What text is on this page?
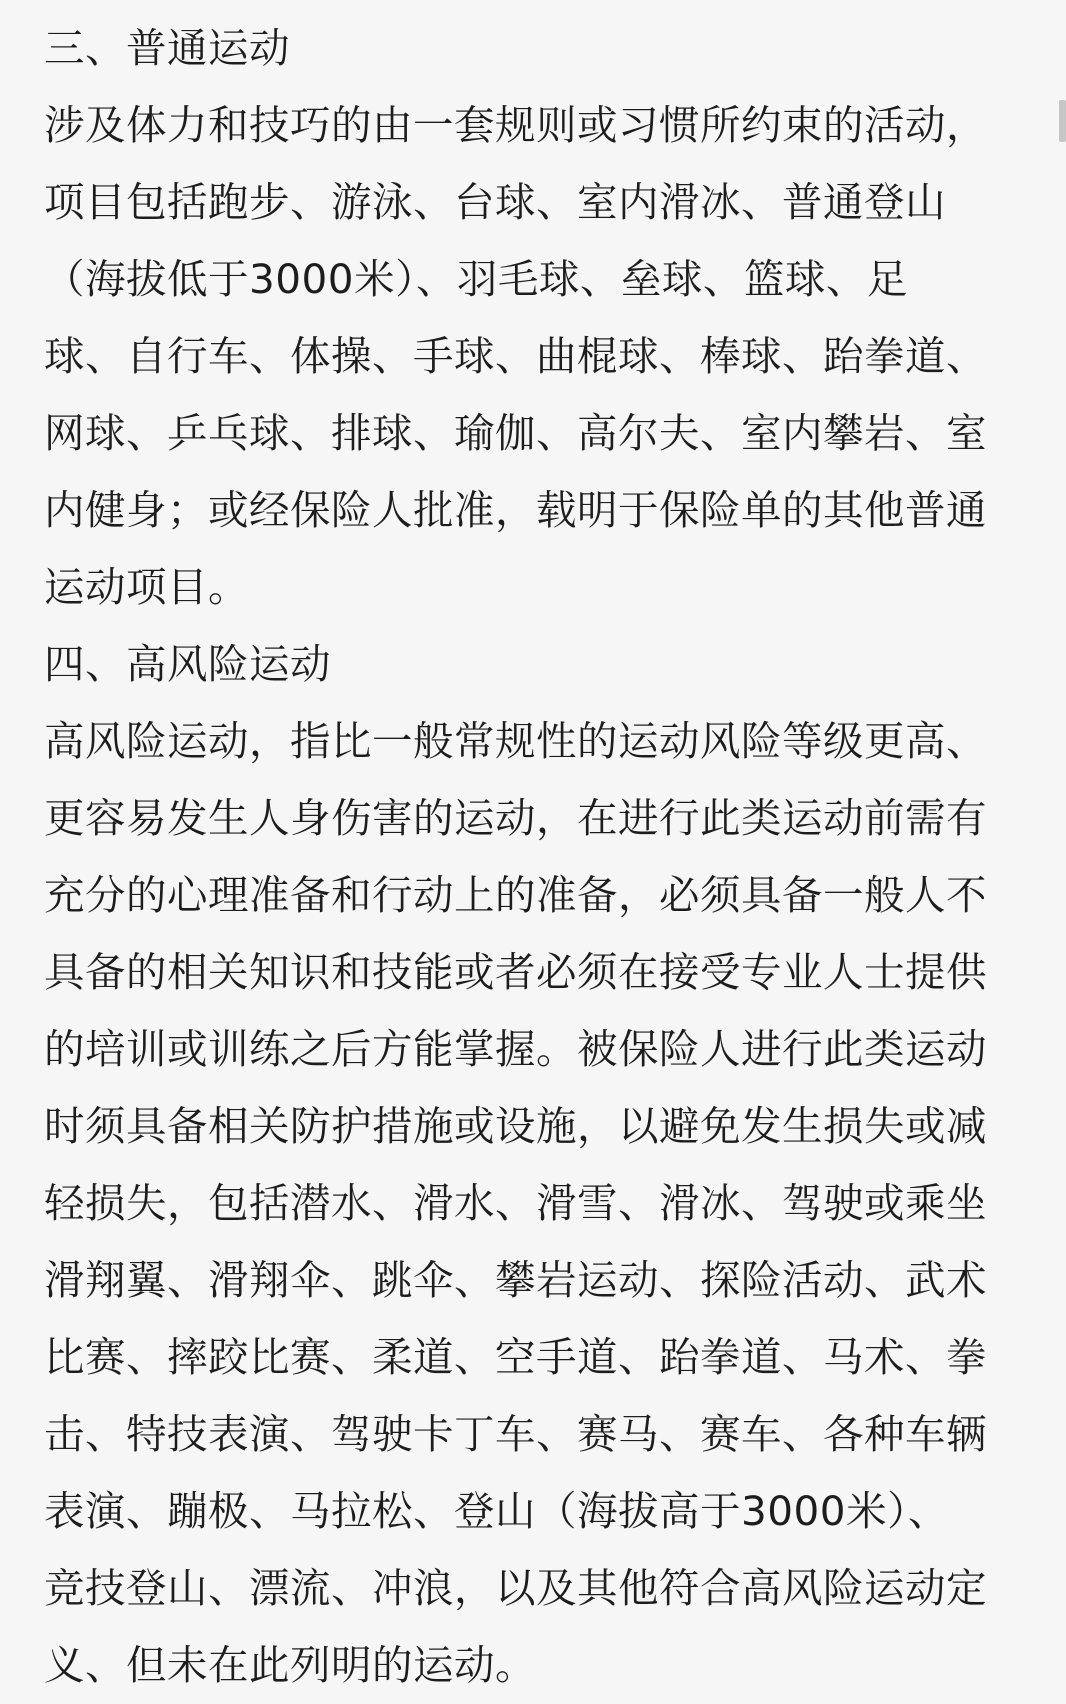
三、普通运动
涉及体力和技巧的由一套规则或习惯所约束的活动，
项目包括跑步、游泳、台球、室内滑冰、普通登山
（海拔低于3000米）、羽毛球、垒球、篮球、足
球、自行车、体操、手球、曲棍球、棒球、跆拳道、
网球、乒乓球、排球、瑜伽、高尔夫、室内攀岩、室
内健身；或经保险人批准，载明于保险单的其他普通
运动项目。
四、高风险运动
高风险运动，指比一般常规性的运动风险等级更高、
更容易发生人身伤害的运动，在进行此类运动前需有
充分的心理准备和行动上的准备，必须具备一般人不
具备的相关知识和技能或者必须在接受专业人士提供
的培训或训练之后方能掌握。被保险人进行此类运动
时须具备相关防护措施或设施，以避免发生损失或减
轻损失，包括潜水、滑水、滑雪、滑冰、驾驶或乘坐
滑翔翼、滑翔伞、跳伞、攀岩运动、探险活动、武术
比赛、摔跤比赛、柔道、空手道、跆拳道、马术、拳
击、特技表演、驾驶卡丁车、赛马、赛车、各种车辆
表演、蹦极、马拉松、登山（海拔高于3000米）、
竞技登山、漂流、冲浪，以及其他符合高风险运动定
义、但未在此列明的运动。
